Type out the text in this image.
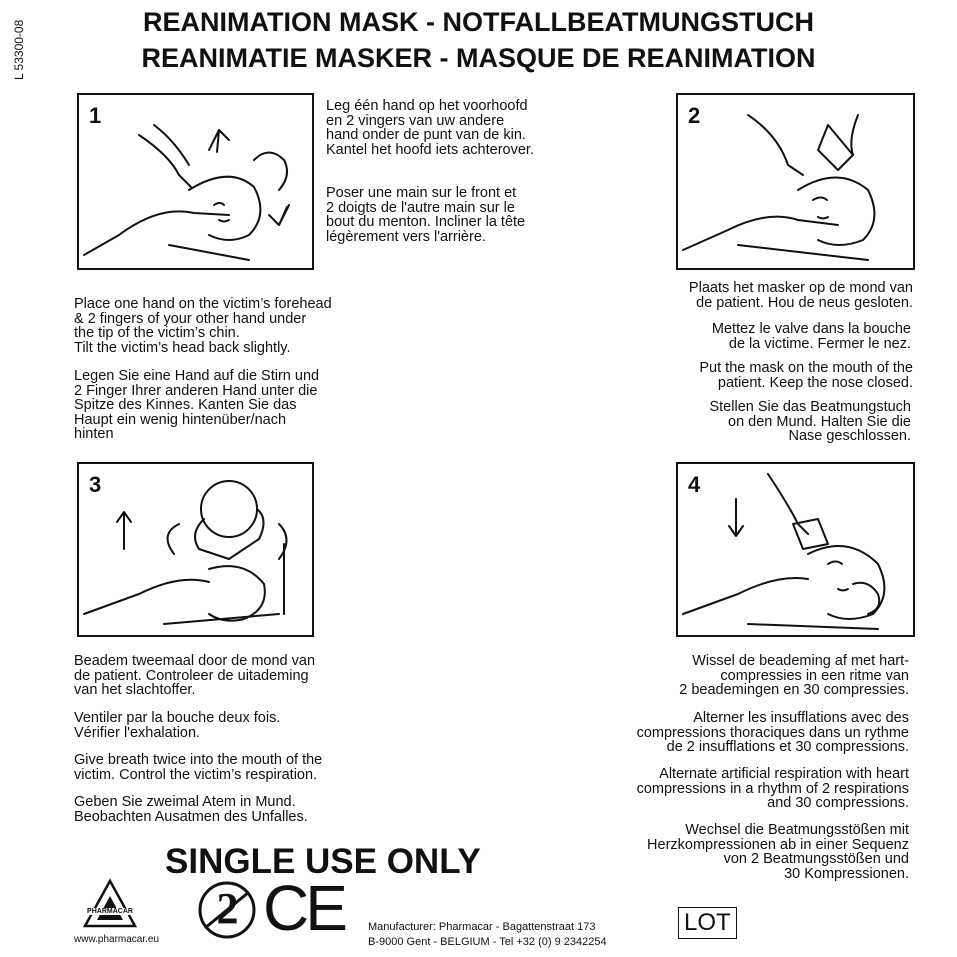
REANIMATION MASK - NOTFALLBEATMUNGSTUCH
REANIMATIE MASKER - MASQUE DE REANIMATION
L 53300-08
1	Leg één hand op het voorhoofd
en 2 vingers van uw andere
hand onder de punt van de kin.
Kantel het hoofd iets achterover.
Poser une main sur le front et
2 doigts de l'autre main sur le
bout du menton. Incliner la tête
légèrement vers l'arrière.
Place one hand on the victim’s forehead
& 2 fingers of your other hand under
the tip of the victim’s chin.
Tilt the victim’s head back slightly.
Legen Sie eine Hand auf die Stirn und
2 Finger Ihrer anderen Hand unter die
Spitze des Kinnes. Kanten Sie das
Haupt ein wenig hintenüber/nach
hinten
2
Plaats het masker op de mond van
de patient. Hou de neus gesloten.
Mettez le valve dans la bouche
de la victime. Fermer le nez.
Put the mask on the mouth of the
patient. Keep the nose closed.
Stellen Sie das Beatmungstuch
on den Mund. Halten Sie die
Nase geschlossen.
3
Beadem tweemaal door de mond van
de patient. Controleer de uitademing
van het slachtoffer.
Ventiler par la bouche deux fois.
Vérifier l'exhalation.
Give breath twice into the mouth of the
victim. Control the victim’s respiration.
Geben Sie zweimal Atem in Mund.
Beobachten Ausatmen des Unfalles.
4
Wissel de beademing af met hart-
compressies in een ritme van
2 beademingen en 30 compressies.
Alterner les insufflations avec des
compressions thoraciques dans un rythme
de 2 insufflations et 30 compressions.
Alternate artificial respiration with heart
compressions in a rhythm of 2 respirations
and 30 compressions.
Wechsel die Beatmungsstößen mit
Herzkompressionen ab in einer Sequenz
von 2 Beatmungsstößen und
30 Kompressionen.
SINGLE USE ONLY
PHARMACAR
www.pharmacar.eu
2 CE Manufacturer: Pharmacar - Bagattenstraat 173
B-9000 Gent - BELGIUM - Tel +32 (0) 9 2342254
LOT
